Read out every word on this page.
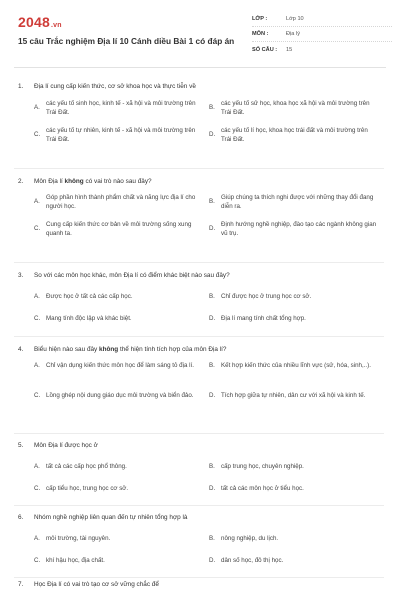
2048.vn
15 câu Trắc nghiệm Địa lí 10 Cánh diều Bài 1 có đáp án
LỚP :	Lớp 10
MÔN :	Địa lý
SỐ CÂU :	15
1.	Địa lí cung cấp kiến thức, cơ sở khoa học và thực tiễn về
A.
các yếu tố sinh học, kinh tế - xã hội và môi trường trên Trái Đất.
B.
các yếu tố sử học, khoa học xã hội và môi trường trên Trái Đất.
C.
các yếu tố tự nhiên, kinh tế - xã hội và môi trường trên Trái Đất.
D.
các yếu tố lí học, khoa học trái đất và môi trường trên Trái Đất.
2.	Môn Địa lí không có vai trò nào sau đây?
A.
Góp phần hình thành phẩm chất và năng lực địa lí cho người học.
B.
Giúp chúng ta thích nghi được với những thay đổi đang diễn ra.
C.
Cung cấp kiến thức cơ bản về môi trường sống xung quanh ta.
D.
Định hướng nghề nghiệp, đào tạo các ngành không gian vũ trụ.
3.	So với các môn học khác, môn Địa lí có điểm khác biệt nào sau đây?
A. Được học ở tất cả các cấp học.	B. Chỉ được học ở trung học cơ sở.
C. Mang tính độc lập và khác biệt.	D. Địa lí mang tính chất tổng hợp.
4.	Biểu hiện nào sau đây không thể hiện tính tích hợp của môn Địa lí?
A. Chỉ vận dụng kiến thức môn học để làm sáng tỏ địa lí.	B. Kết hợp kiến thức của nhiều lĩnh vực (sử, hóa, sinh,..).
C. Lồng ghép nội dung giáo dục môi trường và biển đảo.	D. Tích hợp giữa tự nhiên, dân cư với xã hội và kinh tế.
5.	Môn Địa lí được học ở
A. tất cả các cấp học phổ thông.	B. cấp trung học, chuyên nghiệp.
C. cấp tiểu học, trung học cơ sở.	D. tất cả các môn học ở tiểu học.
6.	Nhóm nghề nghiệp liên quan đến tự nhiên tổng hợp là
A. môi trường, tài nguyên.	B. nông nghiệp, du lịch.
C. khí hậu học, địa chất.	D. dân số học, đô thị học.
7.	Học Địa lí có vai trò tạo cơ sở vững chắc để
